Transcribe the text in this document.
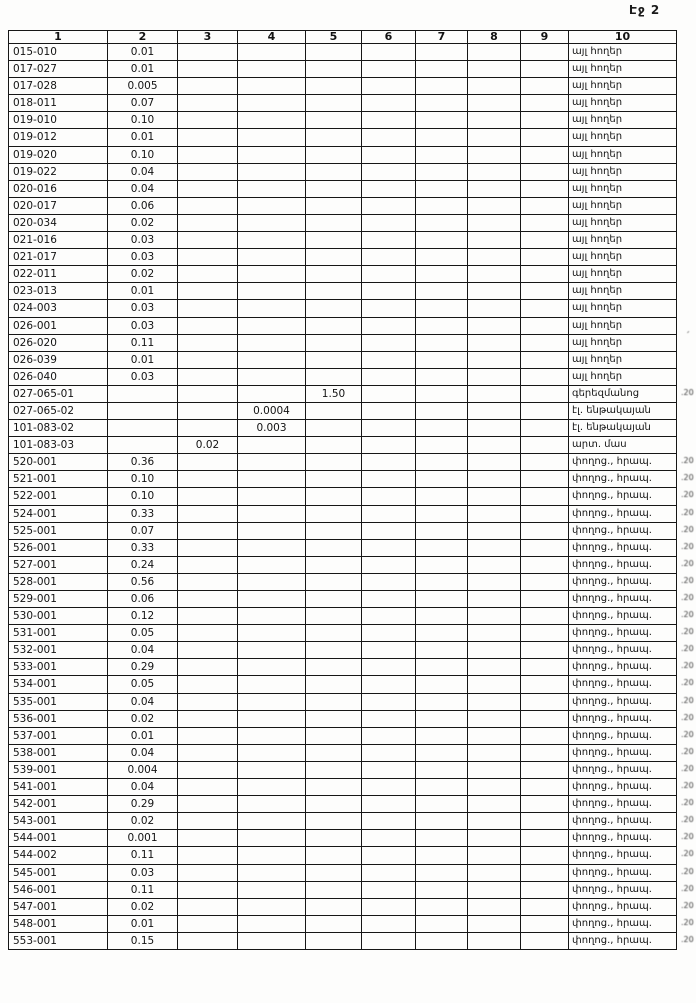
Էջ 2
1	2	3	4	5	6	7	8	9	10
015-010	0.01								այլ հողեր
017-027	0.01								այլ հողեր
017-028	0.005								այլ հողեր
018-011	0.07								այլ հողեր
019-010	0.10								այլ հողեր
019-012	0.01								այլ հողեր
019-020	0.10								այլ հողեր
019-022	0.04								այլ հողեր
020-016	0.04								այլ հողեր
020-017	0.06								այլ հողեր
020-034	0.02								այլ հողեր
021-016	0.03								այլ հողեր
021-017	0.03								այլ հողեր
022-011	0.02								այլ հողեր
023-013	0.01								այլ հողեր
024-003	0.03								այլ հողեր
026-001	0.03								այլ հողեր
026-020	0.11								այլ հողեր
026-039	0.01								այլ հողեր
026-040	0.03								այլ հողեր
027-065-01				1.50					գերեզմանոց
027-065-02			0.0004						էլ. ենթակայան
101-083-02			0.003						էլ. ենթակայան
101-083-03		0.02							արտ. մաս
520-001	0.36								փողոց., հրապ.
521-001	0.10								փողոց., հրապ.
522-001	0.10								փողոց., հրապ.
524-001	0.33								փողոց., հրապ.
525-001	0.07								փողոց., հրապ.
526-001	0.33								փողոց., հրապ.
527-001	0.24								փողոց., հրապ.
528-001	0.56								փողոց., հրապ.
529-001	0.06								փողոց., հրապ.
530-001	0.12								փողոց., հրապ.
531-001	0.05								փողոց., հրապ.
532-001	0.04								փողոց., հրապ.
533-001	0.29								փողոց., հրապ.
534-001	0.05								փողոց., հրապ.
535-001	0.04								փողոց., հրապ.
536-001	0.02								փողոց., հրապ.
537-001	0.01								փողոց., հրապ.
538-001	0.04								փողոց., հրապ.
539-001	0.004								փողոց., հրապ.
541-001	0.04								փողոց., հրապ.
542-001	0.29								փողոց., հրապ.
543-001	0.02								փողոց., հրապ.
544-001	0.001								փողոց., հրապ.
544-002	0.11								փողոց., հրապ.
545-001	0.03								փողոց., հրապ.
546-001	0.11								փողոց., հրապ.
547-001	0.02								փողոց., հրապ.
548-001	0.01								փողոց., հրապ.
553-001	0.15								փողոց., հրապ.
.20
.20
.20
.20
.20
.20
.20
.20
.20
.20
.20
.20
.20
.20
.20
.20
.20
.20
.20
.20
.20
.20
.20
.20
.20
.20
.20
.20
.20
.20
՛
